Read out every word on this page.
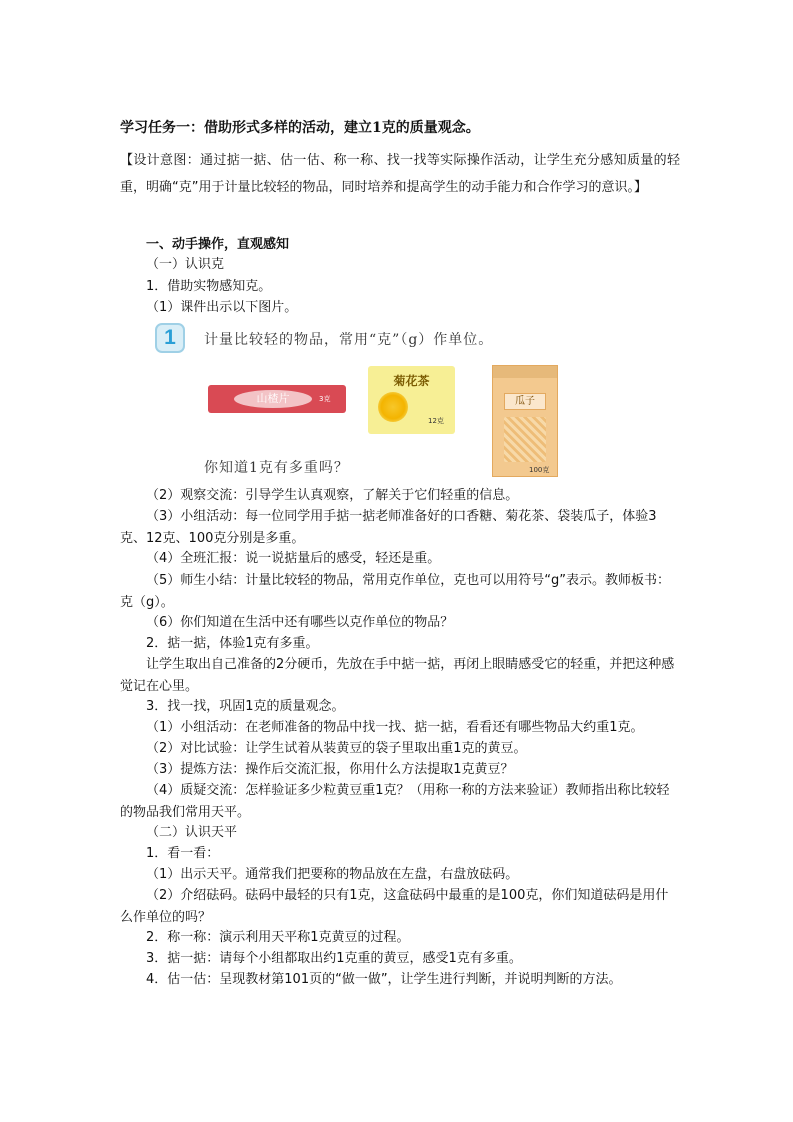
学习任务一：借助形式多样的活动，建立1克的质量观念。
【设计意图：通过掂一掂、估一估、称一称、找一找等实际操作活动，让学生充分感知质量的轻重，明确“克”用于计量比较轻的物品，同时培养和提高学生的动手能力和合作学习的意识。】
一、动手操作，直观感知
（一）认识克
1．借助实物感知克。
（1）课件出示以下图片。
1 计量比较轻的物品，常用“克”（g）作单位。
山楂片	3克
菊花茶
12克
瓜子
100克
你知道1克有多重吗？
（2）观察交流：引导学生认真观察，了解关于它们轻重的信息。
（3）小组活动：每一位同学用手掂一掂老师准备好的口香糖、菊花茶、袋装瓜子，体验3克、12克、100克分别是多重。
（4）全班汇报：说一说掂量后的感受，轻还是重。
（5）师生小结：计量比较轻的物品，常用克作单位，克也可以用符号“g”表示。教师板书：克（g）。
（6）你们知道在生活中还有哪些以克作单位的物品？
2．掂一掂，体验1克有多重。
让学生取出自己准备的2分硬币，先放在手中掂一掂，再闭上眼睛感受它的轻重，并把这种感觉记在心里。
3．找一找，巩固1克的质量观念。
（1）小组活动：在老师准备的物品中找一找、掂一掂，看看还有哪些物品大约重1克。
（2）对比试验：让学生试着从装黄豆的袋子里取出重1克的黄豆。
（3）提炼方法：操作后交流汇报，你用什么方法提取1克黄豆？
（4）质疑交流：怎样验证多少粒黄豆重1克？（用称一称的方法来验证）教师指出称比较轻的物品我们常用天平。
（二）认识天平
1．看一看：
（1）出示天平。通常我们把要称的物品放在左盘，右盘放砝码。
（2）介绍砝码。砝码中最轻的只有1克，这盒砝码中最重的是100克，你们知道砝码是用什么作单位的吗？
2．称一称：演示利用天平称1克黄豆的过程。
3．掂一掂：请每个小组都取出约1克重的黄豆，感受1克有多重。
4．估一估：呈现教材第101页的“做一做”，让学生进行判断，并说明判断的方法。
